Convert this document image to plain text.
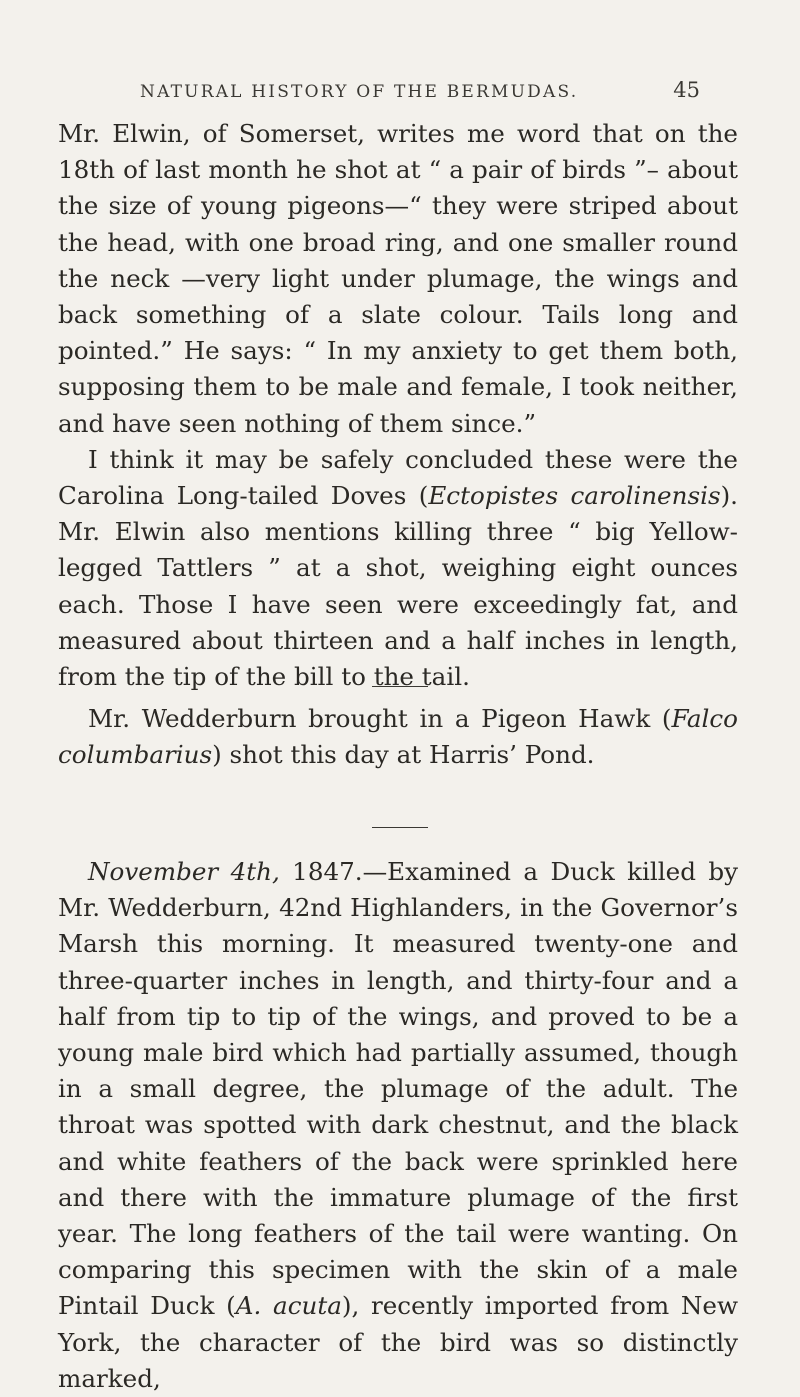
NATURAL HISTORY OF THE BERMUDAS.	45

Mr. Elwin, of Somerset, writes me word that on the 18th of last month he shot at “ a pair of birds ”– about the size of young pigeons—“ they were striped about the head, with one broad ring, and one smaller round the neck —very light under plumage, the wings and back something of a slate colour. Tails long and pointed.” He says: “ In my anxiety to get them both, supposing them to be male and female, I took neither, and have seen nothing of them since.”

I think it may be safely concluded these were the Carolina Long-tailed Doves (Ectopistes carolinensis). Mr. Elwin also mentions killing three “ big Yellow-legged Tattlers ” at a shot, weighing eight ounces each. Those I have seen were exceedingly fat, and measured about thirteen and a half inches in length, from the tip of the bill to the tail.

Mr. Wedderburn brought in a Pigeon Hawk (Falco columbarius) shot this day at Harris’ Pond.

November 4th, 1847.—Examined a Duck killed by Mr. Wedderburn, 42nd Highlanders, in the Governor’s Marsh this morning. It measured twenty-one and three-quarter inches in length, and thirty-four and a half from tip to tip of the wings, and proved to be a young male bird which had partially assumed, though in a small degree, the plumage of the adult. The throat was spotted with dark chestnut, and the black and white feathers of the back were sprinkled here and there with the immature plumage of the first year. The long feathers of the tail were wanting. On comparing this specimen with the skin of a male Pintail Duck (A. acuta), recently imported from New York, the character of the bird was so distinctly marked,
